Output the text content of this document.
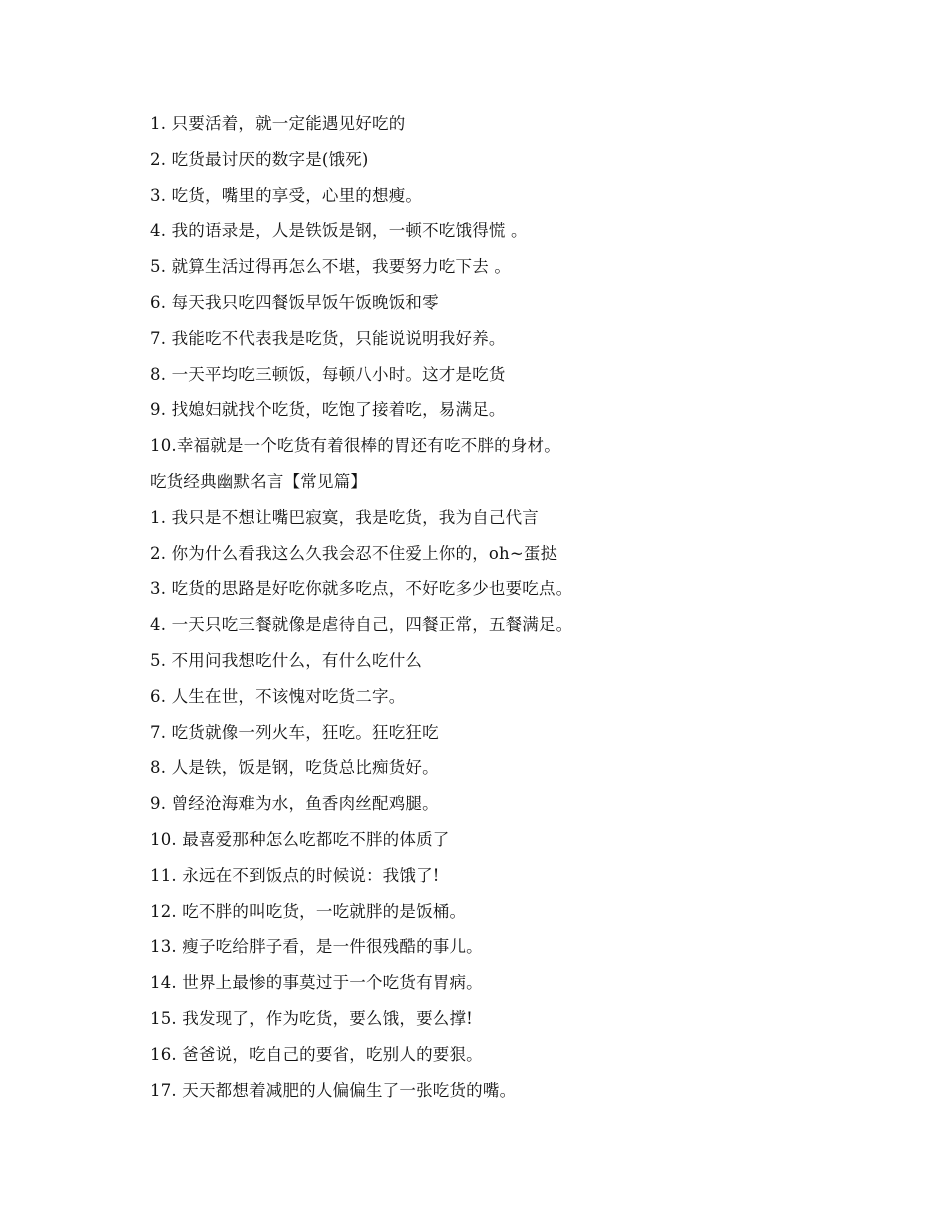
1. 只要活着，就一定能遇见好吃的
2. 吃货最讨厌的数字是(饿死)
3. 吃货，嘴里的享受，心里的想瘦。
4. 我的语录是，人是铁饭是钢，一顿不吃饿得慌 。
5. 就算生活过得再怎么不堪，我要努力吃下去 。
6. 每天我只吃四餐饭早饭午饭晚饭和零
7. 我能吃不代表我是吃货，只能说说明我好养。
8. 一天平均吃三顿饭，每顿八小时。这才是吃货
9. 找媳妇就找个吃货，吃饱了接着吃，易满足。
10.幸福就是一个吃货有着很棒的胃还有吃不胖的身材。
吃货经典幽默名言【常见篇】
1. 我只是不想让嘴巴寂寞，我是吃货，我为自己代言
2. 你为什么看我这么久我会忍不住爱上你的，oh~蛋挞
3. 吃货的思路是好吃你就多吃点，不好吃多少也要吃点。
4. 一天只吃三餐就像是虐待自己，四餐正常，五餐满足。
5. 不用问我想吃什么，有什么吃什么
6. 人生在世，不该愧对吃货二字。
7. 吃货就像一列火车，狂吃。狂吃狂吃
8. 人是铁，饭是钢，吃货总比痴货好。
9. 曾经沧海难为水，鱼香肉丝配鸡腿。
10. 最喜爱那种怎么吃都吃不胖的体质了
11. 永远在不到饭点的时候说：我饿了!
12. 吃不胖的叫吃货，一吃就胖的是饭桶。
13. 瘦子吃给胖子看，是一件很残酷的事儿。
14. 世界上最惨的事莫过于一个吃货有胃病。
15. 我发现了，作为吃货，要么饿，要么撑!
16. 爸爸说，吃自己的要省，吃别人的要狠。
17. 天天都想着减肥的人偏偏生了一张吃货的嘴。
